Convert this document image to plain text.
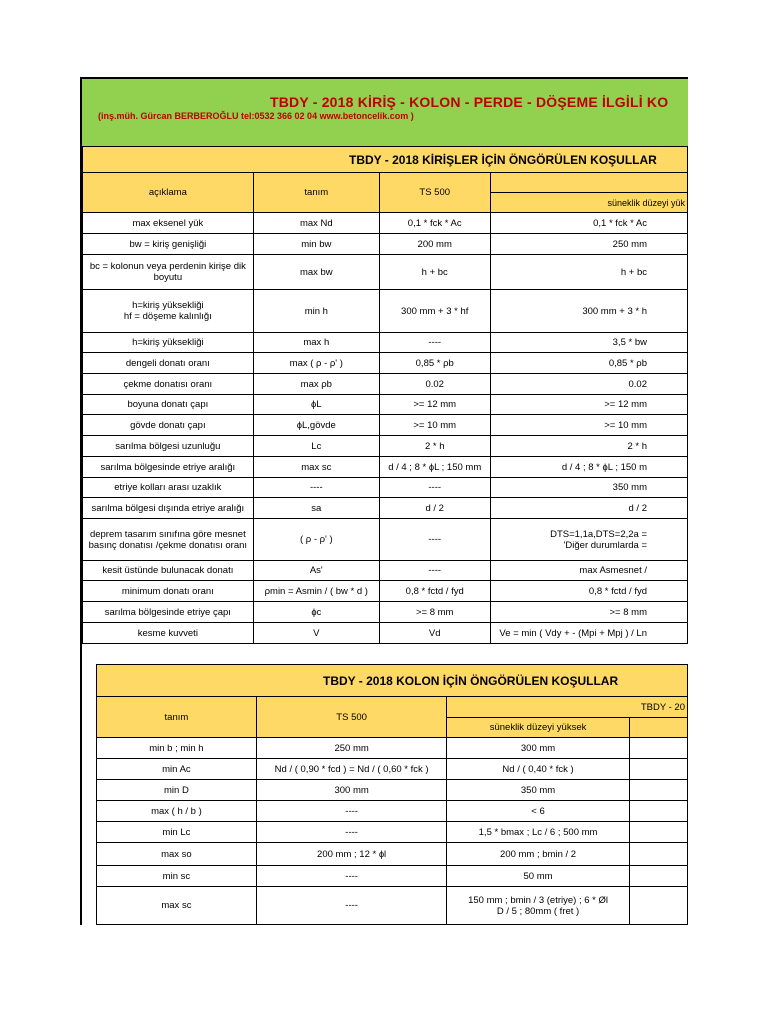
TBDY - 2018 KİRİŞ - KOLON - PERDE - DÖŞEME İLGİLİ KO
(inş.müh. Gürcan BERBEROĞLU tel:0532 366 02 04 www.betoncelik.com )
TBDY - 2018 KİRİŞLER İÇİN ÖNGÖRÜLEN KOŞULLAR			
açıklama	tanım	TS 500	
			süneklik düzeyi yük
max eksenel yük	max Nd	0,1 * fck * Ac	0,1 * fck * Ac
bw = kiriş genişliği	min bw	200 mm	250 mm
bc = kolonun veya perdenin kirişe dik boyutu	max bw	h + bc	h + bc
h=kiriş yüksekliği
hf = döşeme kalınlığı	min h	300 mm + 3 * hf	300 mm + 3 * h
h=kiriş yüksekliği	max h	----	3,5 * bw
dengeli donatı oranı	max ( ρ - ρ' )	0,85 * ρb	0,85 * ρb
çekme donatısı oranı	max ρb	0.02	0.02
boyuna donatı çapı	ɸL	>= 12 mm	>= 12 mm
gövde donatı çapı	ɸL,gövde	>= 10 mm	>= 10 mm
sarılma bölgesi uzunluğu	Lc	2 * h	2 * h
sarılma bölgesinde etriye aralığı	max sc	d / 4 ; 8 * ɸL ; 150 mm	d / 4 ; 8 * ɸL ; 150 m
etriye kolları arası uzaklık	----	----	350 mm
sarılma bölgesi dışında etriye aralığı	sa	d / 2	d / 2
deprem tasarım sınıfına göre mesnet basınç donatısı /çekme donatısı oranı	( ρ - ρ' )	----	DTS=1,1a,DTS=2,2a =
'Diğer durumlarda =
kesit üstünde bulunacak donatı	As'	----	max Asmesnet /
minimum donatı oranı	ρmin = Asmin / ( bw * d )	0,8 * fctd / fyd	0,8 * fctd / fyd
sarılma bölgesinde etriye çapı	ɸc	>= 8 mm	>= 8 mm
kesme kuvveti	V	Vd	Ve = min ( Vdy + - (Mpi + Mpj ) / Ln
TBDY - 2018 KOLON İÇİN ÖNGÖRÜLEN KOŞULLAR			
tanım	TS 500	TBDY - 20	
		süneklik düzeyi yüksek	
min b ; min h	250 mm	300 mm	
min Ac	Nd / ( 0,90 * fcd ) = Nd / ( 0,60 * fck )	Nd / ( 0,40 * fck )	
min D	300 mm	350 mm	
max ( h / b )	----	< 6	
min Lc	----	1,5 * bmax ; Lc / 6 ; 500 mm	
max so	200 mm ; 12 * ɸl	200 mm ; bmin / 2	
min sc	----	50 mm	
max sc	----	150 mm ; bmin / 3 (etriye) ; 6 * Øl
D / 5 ; 80mm ( fret )	
